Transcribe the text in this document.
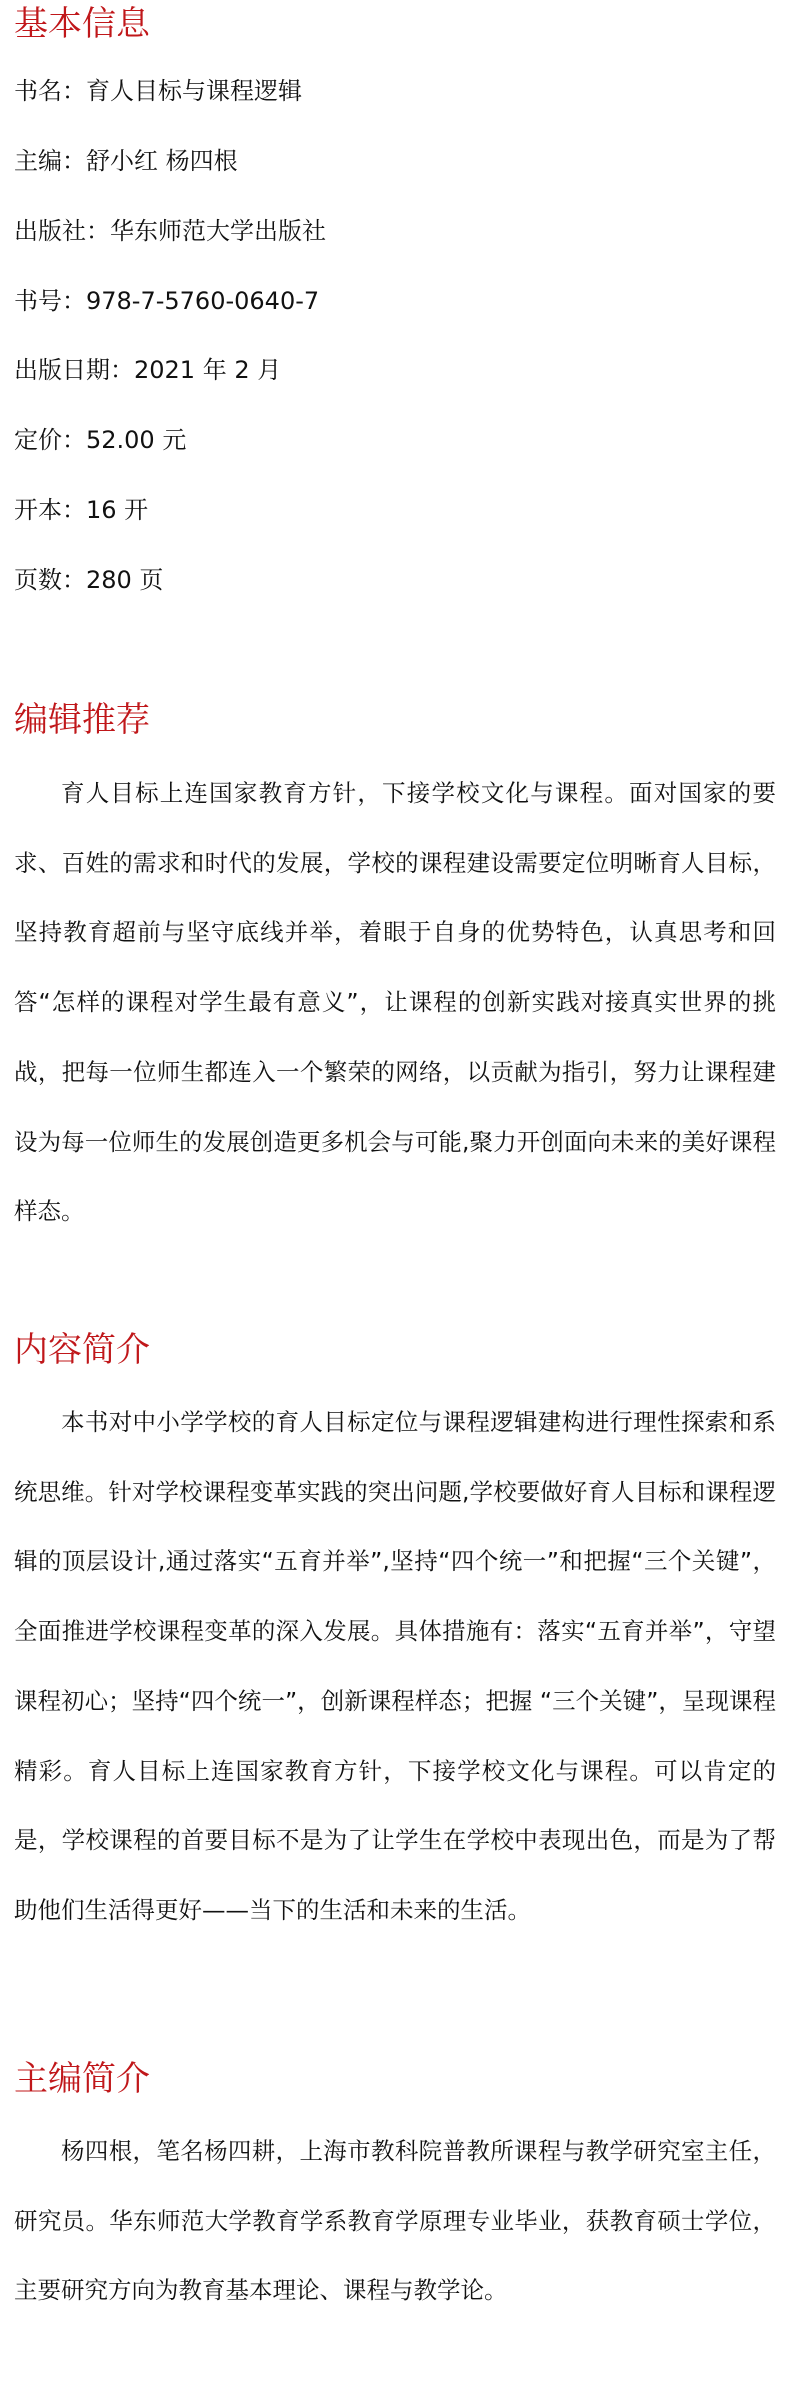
基本信息

书名：育人目标与课程逻辑

主编：舒小红 杨四根

出版社：华东师范大学出版社

书号：978-7-5760-0640-7

出版日期：2021 年 2 月

定价：52.00 元

开本：16 开

页数：280 页

编辑推荐

育人目标上连国家教育方针，下接学校文化与课程。面对国家的要求、百姓的需求和时代的发展，学校的课程建设需要定位明晰育人目标，坚持教育超前与坚守底线并举，着眼于自身的优势特色，认真思考和回答“怎样的课程对学生最有意义”，让课程的创新实践对接真实世界的挑战，把每一位师生都连入一个繁荣的网络，以贡献为指引，努力让课程建设为每一位师生的发展创造更多机会与可能,聚力开创面向未来的美好课程样态。

内容简介

本书对中小学学校的育人目标定位与课程逻辑建构进行理性探索和系统思维。针对学校课程变革实践的突出问题,学校要做好育人目标和课程逻辑的顶层设计,通过落实“五育并举”,坚持“四个统一”和把握“三个关键”，全面推进学校课程变革的深入发展。具体措施有：落实“五育并举”，守望课程初心；坚持“四个统一”，创新课程样态；把握 “三个关键”，呈现课程精彩。育人目标上连国家教育方针，下接学校文化与课程。可以肯定的是，学校课程的首要目标不是为了让学生在学校中表现出色，而是为了帮助他们生活得更好——当下的生活和未来的生活。

主编简介

杨四根，笔名杨四耕，上海市教科院普教所课程与教学研究室主任，研究员。华东师范大学教育学系教育学原理专业毕业，获教育硕士学位，主要研究方向为教育基本理论、课程与教学论。
